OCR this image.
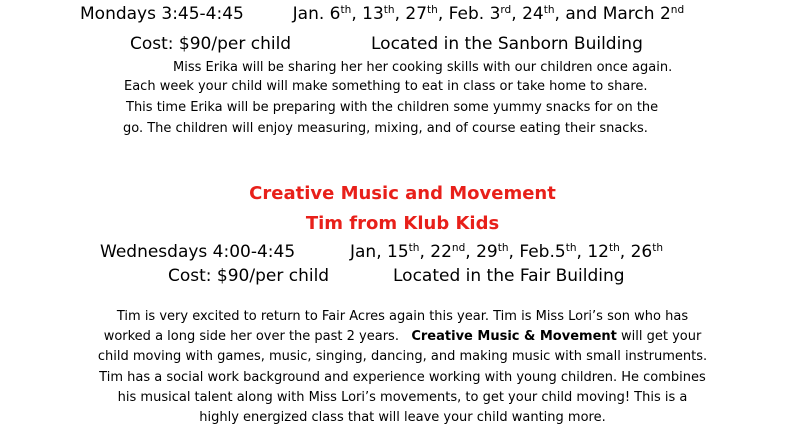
Mondays 3:45-4:45	Jan. 6th, 13th, 27th, Feb. 3rd, 24th, and March 2nd
Cost: $90/per child	Located in the Sanborn Building
Miss Erika will be sharing her her cooking skills with our children once again.
Each week your child will make something to eat in class or take home to share.
This time Erika will be preparing with the children some yummy snacks for on the
go. The children will enjoy measuring, mixing, and of course eating their snacks.
Creative Music and Movement
Tim from Klub Kids
Wednesdays 4:00-4:45	Jan, 15th, 22nd, 29th, Feb.5th, 12th, 26th
Cost: $90/per child	Located in the Fair Building
Tim is very excited to return to Fair Acres again this year. Tim is Miss Lori’s son who has
worked a long side her over the past 2 years.   Creative Music & Movement will get your
child moving with games, music, singing, dancing, and making music with small instruments.
Tim has a social work background and experience working with young children. He combines
his musical talent along with Miss Lori’s movements, to get your child moving! This is a
highly energized class that will leave your child wanting more.
